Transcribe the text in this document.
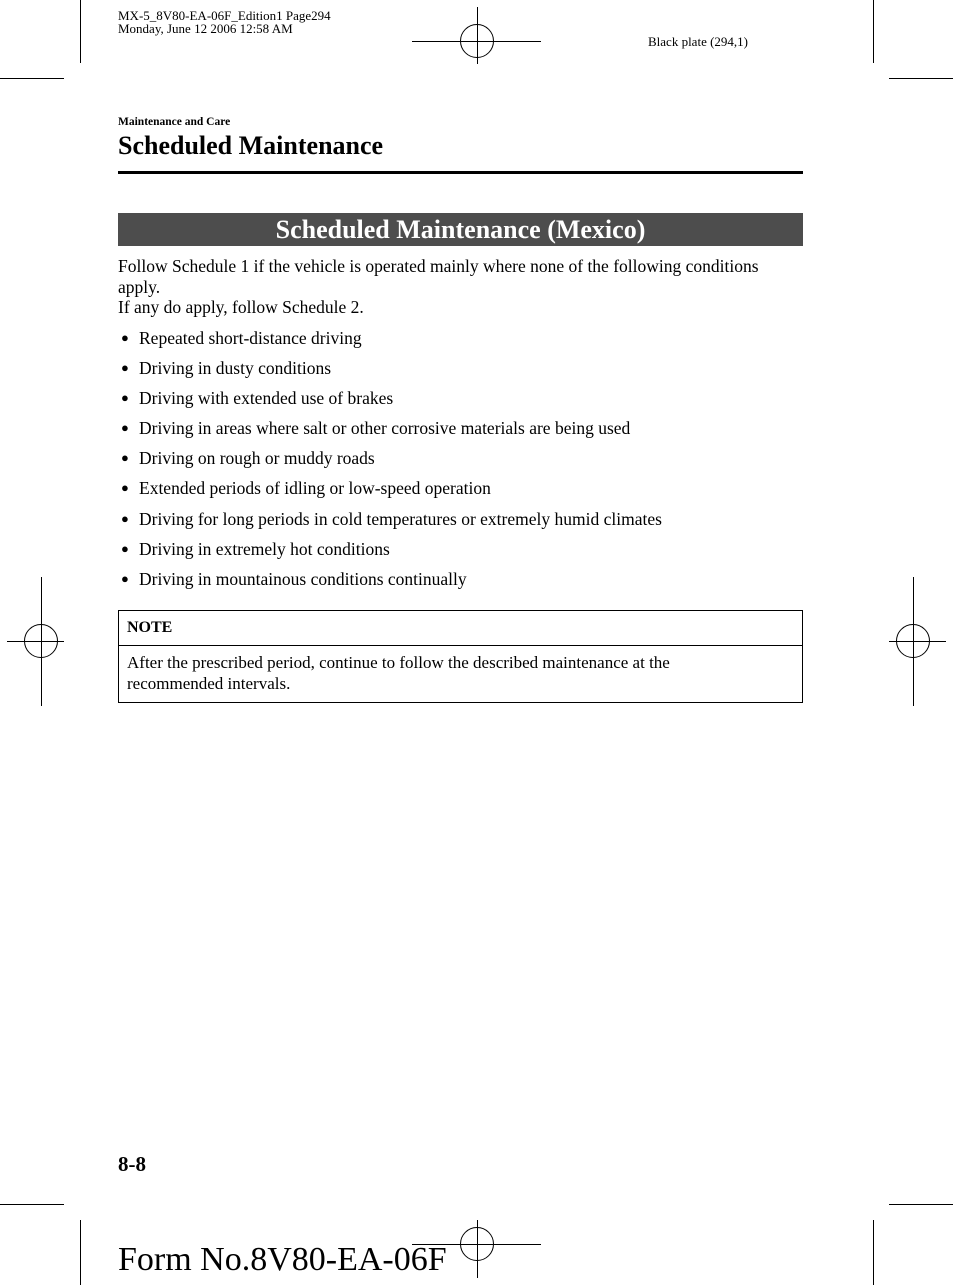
MX-5_8V80-EA-06F_Edition1 Page294
Monday, June 12 2006 12:58 AM
Black plate (294,1)
Maintenance and Care
Scheduled Maintenance
Scheduled Maintenance (Mexico)

Follow Schedule 1 if the vehicle is operated mainly where none of the following conditions apply.

If any do apply, follow Schedule 2.

● Repeated short-distance driving
● Driving in dusty conditions
● Driving with extended use of brakes
● Driving in areas where salt or other corrosive materials are being used
● Driving on rough or muddy roads
● Extended periods of idling or low-speed operation
● Driving for long periods in cold temperatures or extremely humid climates
● Driving in extremely hot conditions
● Driving in mountainous conditions continually
NOTE
After the prescribed period, continue to follow the described maintenance at the recommended intervals.
8-8
Form No.8V80-EA-06F
